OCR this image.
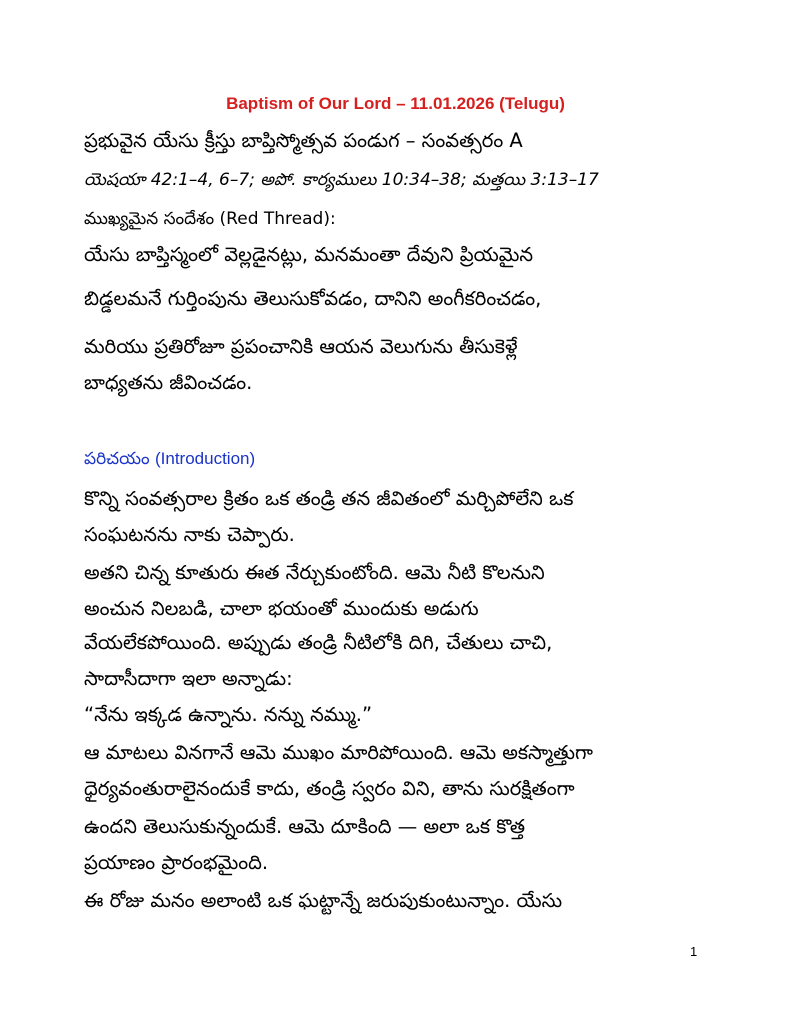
Baptism of Our Lord – 11.01.2026 (Telugu)
ప్రభువైన యేసు క్రీస్తు బాప్తిస్మోత్సవ పండుగ – సంవత్సరం A
యెషయా 42:1–4, 6–7; అపో. కార్యములు 10:34–38; మత్తయి 3:13–17
ముఖ్యమైన సందేశం (Red Thread):
యేసు బాప్తిస్మంలో వెల్లడైనట్లు, మనమంతా దేవుని ప్రియమైన
బిడ్డలమనే గుర్తింపును తెలుసుకోవడం, దానిని అంగీకరించడం,
మరియు ప్రతిరోజూ ప్రపంచానికి ఆయన వెలుగును తీసుకెళ్లే
బాధ్యతను జీవించడం.
పరిచయం (Introduction)
కొన్ని సంవత్సరాల క్రితం ఒక తండ్రి తన జీవితంలో మర్చిపోలేని ఒక
సంఘటనను నాకు చెప్పారు.
అతని చిన్న కూతురు ఈత నేర్చుకుంటోంది. ఆమె నీటి కొలనుని
అంచున నిలబడి, చాలా భయంతో ముందుకు అడుగు
వేయలేకపోయింది. అప్పుడు తండ్రి నీటిలోకి దిగి, చేతులు చాచి,
సాదాసీదాగా ఇలా అన్నాడు:
“నేను ఇక్కడ ఉన్నాను. నన్ను నమ్ము.”
ఆ మాటలు వినగానే ఆమె ముఖం మారిపోయింది. ఆమె అకస్మాత్తుగా
ధైర్యవంతురాలైనందుకే కాదు, తండ్రి స్వరం విని, తాను సురక్షితంగా
ఉందని తెలుసుకున్నందుకే. ఆమె దూకింది — అలా ఒక కొత్త
ప్రయాణం ప్రారంభమైంది.
ఈ రోజు మనం అలాంటి ఒక ఘట్టాన్నే జరుపుకుంటున్నాం. యేసు
1
